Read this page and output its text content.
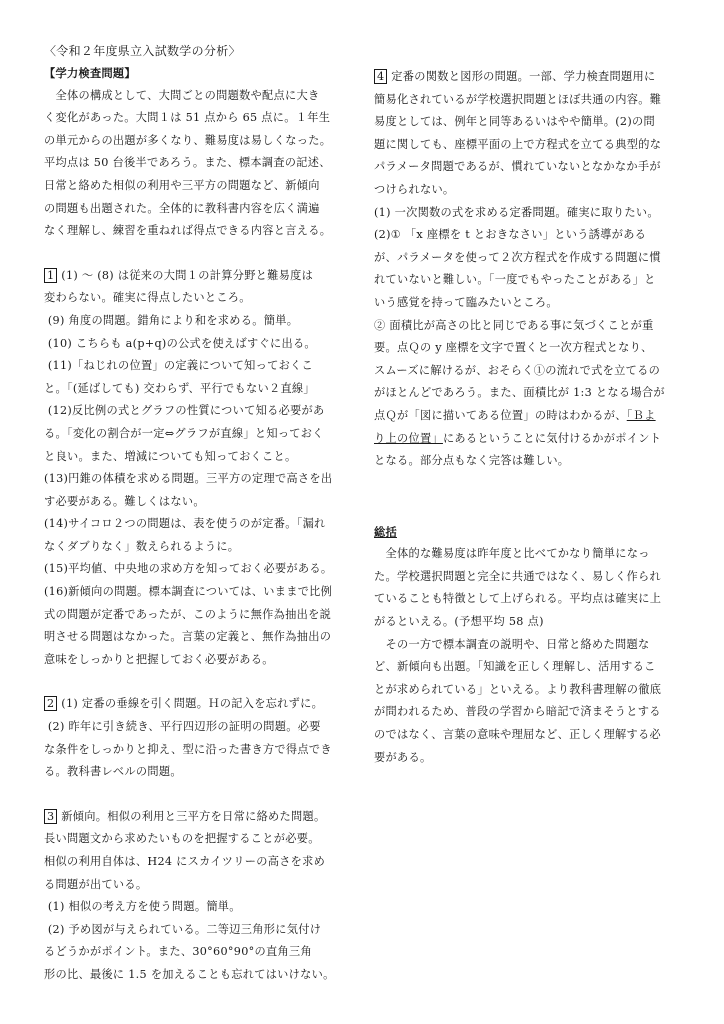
〈令和２年度県立入試数学の分析〉

【学力検査問題】

　全体の構成として、大問ごとの問題数や配点に大き

く変化があった。大問１は 51 点から 65 点に。１年生

の単元からの出題が多くなり、難易度は易しくなった。

平均点は 50 台後半であろう。また、標本調査の記述、

日常と絡めた相似の利用や三平方の問題など、新傾向

の問題も出題された。全体的に教科書内容を広く満遍

なく理解し、練習を重ねれば得点できる内容と言える。

1 (1) 〜 (8) は従来の大問１の計算分野と難易度は

変わらない。確実に得点したいところ。

(9) 角度の問題。錯角により和を求める。簡単。

(10) こちらも a(p+q)の公式を使えばすぐに出る。

(11)「ねじれの位置」の定義について知っておくこ

と。「(延ばしても) 交わらず、平行でもない２直線」

(12)反比例の式とグラフの性質について知る必要があ

る。「変化の割合が一定⇔グラフが直線」と知っておく

と良い。また、増減についても知っておくこと。

(13)円錐の体積を求める問題。三平方の定理で高さを出

す必要がある。難しくはない。

(14)サイコロ２つの問題は、表を使うのが定番。「漏れ

なくダブりなく」数えられるように。

(15)平均値、中央地の求め方を知っておく必要がある。

(16)新傾向の問題。標本調査については、いままで比例

式の問題が定番であったが、このように無作為抽出を説

明させる問題はなかった。言葉の定義と、無作為抽出の

意味をしっかりと把握しておく必要がある。

2 (1) 定番の垂線を引く問題。Ｈの記入を忘れずに。

(2) 昨年に引き続き、平行四辺形の証明の問題。必要

な条件をしっかりと抑え、型に沿った書き方で得点でき

る。教科書レベルの問題。

3 新傾向。相似の利用と三平方を日常に絡めた問題。

長い問題文から求めたいものを把握することが必要。

相似の利用自体は、H24 にスカイツリーの高さを求め

る問題が出ている。

(1) 相似の考え方を使う問題。簡単。

(2) 予め図が与えられている。二等辺三角形に気付け

るどうかがポイント。また、30°60°90°の直角三角

形の比、最後に 1.5 を加えることも忘れてはいけない。

4 定番の関数と図形の問題。一部、学力検査問題用に

簡易化されているが学校選択問題とほぼ共通の内容。難

易度としては、例年と同等あるいはやや簡単。(2)の問

題に関しても、座標平面の上で方程式を立てる典型的な

パラメータ問題であるが、慣れていないとなかなか手が

つけられない。

(1) 一次関数の式を求める定番問題。確実に取りたい。

(2)① 「x 座標を t とおきなさい」という誘導がある

が、パラメータを使って２次方程式を作成する問題に慣

れていないと難しい。「一度でもやったことがある」と

いう感覚を持って臨みたいところ。

② 面積比が高さの比と同じである事に気づくことが重

要。点Ｑの y 座標を文字で置くと一次方程式となり、

スムーズに解けるが、おそらく①の流れで式を立てるの

がほとんどであろう。また、面積比が 1:3 となる場合が

点Ｑが「図に描いてある位置」の時はわかるが、「Ｂよ

り上の位置」にあるということに気付けるかがポイント

となる。部分点もなく完答は難しい。

総括

　全体的な難易度は昨年度と比べてかなり簡単になっ

た。学校選択問題と完全に共通ではなく、易しく作られ

ていることも特徴として上げられる。平均点は確実に上

がるといえる。(予想平均 58 点)

　その一方で標本調査の説明や、日常と絡めた問題な

ど、新傾向も出題。「知識を正しく理解し、活用するこ

とが求められている」といえる。より教科書理解の徹底

が問われるため、普段の学習から暗記で済まそうとする

のではなく、言葉の意味や理屈など、正しく理解する必

要がある。
